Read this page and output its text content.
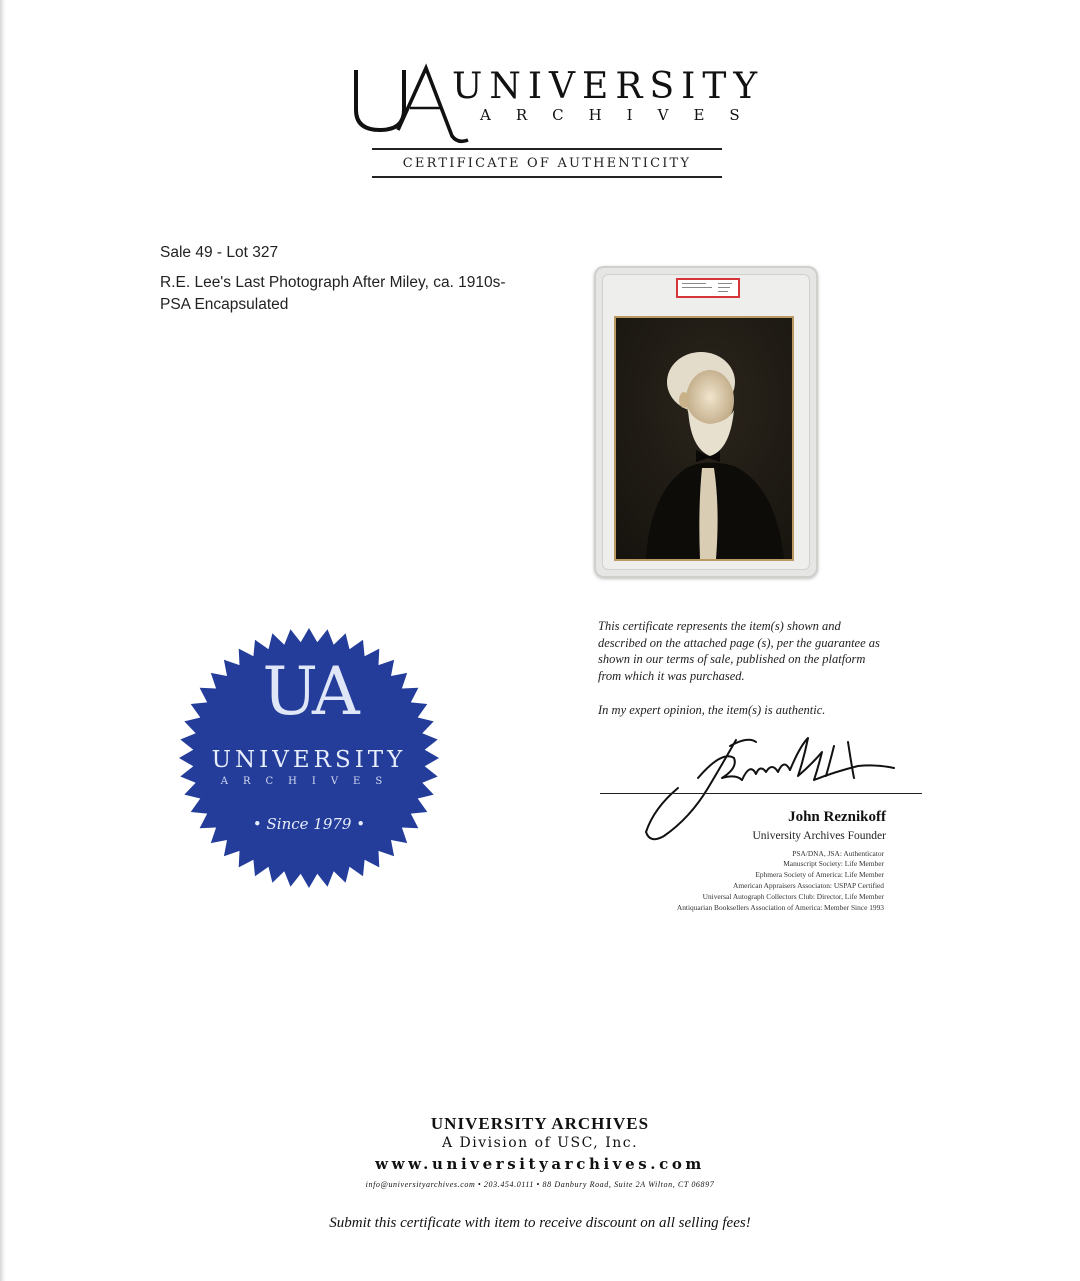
UNIVERSITY
ARCHIVES
CERTIFICATE OF AUTHENTICITY
Sale 49 - Lot 327
R.E. Lee's Last Photograph After Miley, ca. 1910s-
PSA Encapsulated
UA
UNIVERSITY
ARCHIVES
• Since 1979 •
This certificate represents the item(s) shown and
described on the attached page (s), per the guarantee as
shown in our terms of sale, published on the platform
from which it was purchased.
In my expert opinion, the item(s) is authentic.
John Reznikoff
University Archives Founder
PSA/DNA, JSA: Authenticator
Manuscript Society: Life Member
Ephmera Society of America: Life Member
American Appraisers Associaton: USPAP Certified
Universal Autograph Collectors Club: Director, Life Member
Antiquarian Booksellers Association of America: Member Since 1993
UNIVERSITY ARCHIVES
A Division of USC, Inc.
www.universityarchives.com
info@universityarchives.com • 203.454.0111 • 88 Danbury Road, Suite 2A Wilton, CT 06897
Submit this certificate with item to receive discount on all selling fees!
